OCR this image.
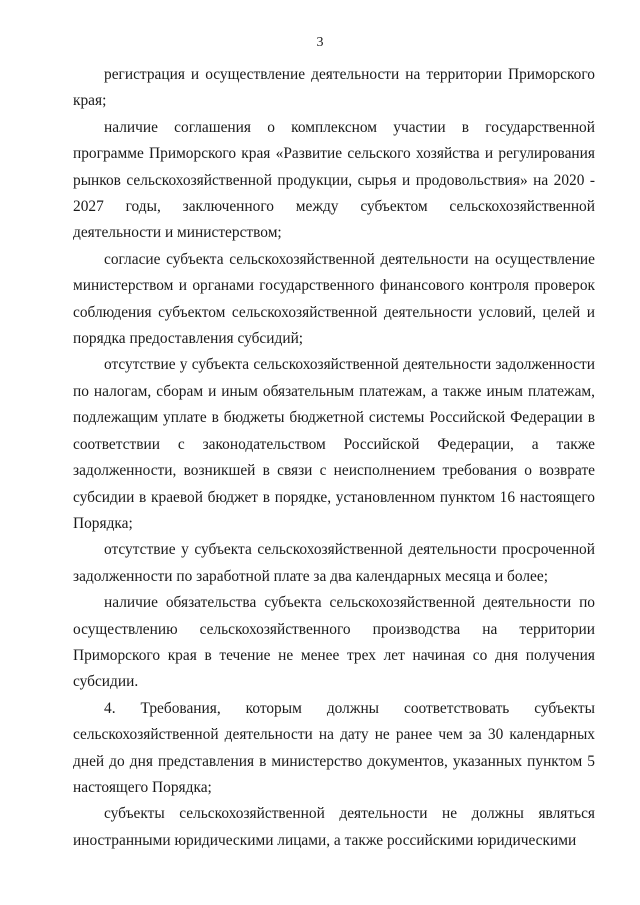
3

регистрация и осуществление деятельности на территории Приморского края;

наличие соглашения о комплексном участии в государственной программе Приморского края «Развитие сельского хозяйства и регулирования рынков сельскохозяйственной продукции, сырья и продовольствия» на 2020 - 2027 годы, заключенного между субъектом сельскохозяйственной деятельности и министерством;

согласие субъекта сельскохозяйственной деятельности на осуществление министерством и органами государственного финансового контроля проверок соблюдения субъектом сельскохозяйственной деятельности условий, целей и порядка предоставления субсидий;

отсутствие у субъекта сельскохозяйственной деятельности задолженности по налогам, сборам и иным обязательным платежам, а также иным платежам, подлежащим уплате в бюджеты бюджетной системы Российской Федерации в соответствии с законодательством Российской Федерации, а также задолженности, возникшей в связи с неисполнением требования о возврате субсидии в краевой бюджет в порядке, установленном пунктом 16 настоящего Порядка;

отсутствие у субъекта сельскохозяйственной деятельности просроченной задолженности по заработной плате за два календарных месяца и более;

наличие обязательства субъекта сельскохозяйственной деятельности по осуществлению сельскохозяйственного производства на территории Приморского края в течение не менее трех лет начиная со дня получения субсидии.

4. Требования, которым должны соответствовать субъекты сельскохозяйственной деятельности на дату не ранее чем за 30 календарных дней до дня представления в министерство документов, указанных пунктом 5 настоящего Порядка;

субъекты сельскохозяйственной деятельности не должны являться иностранными юридическими лицами, а также российскими юридическими
